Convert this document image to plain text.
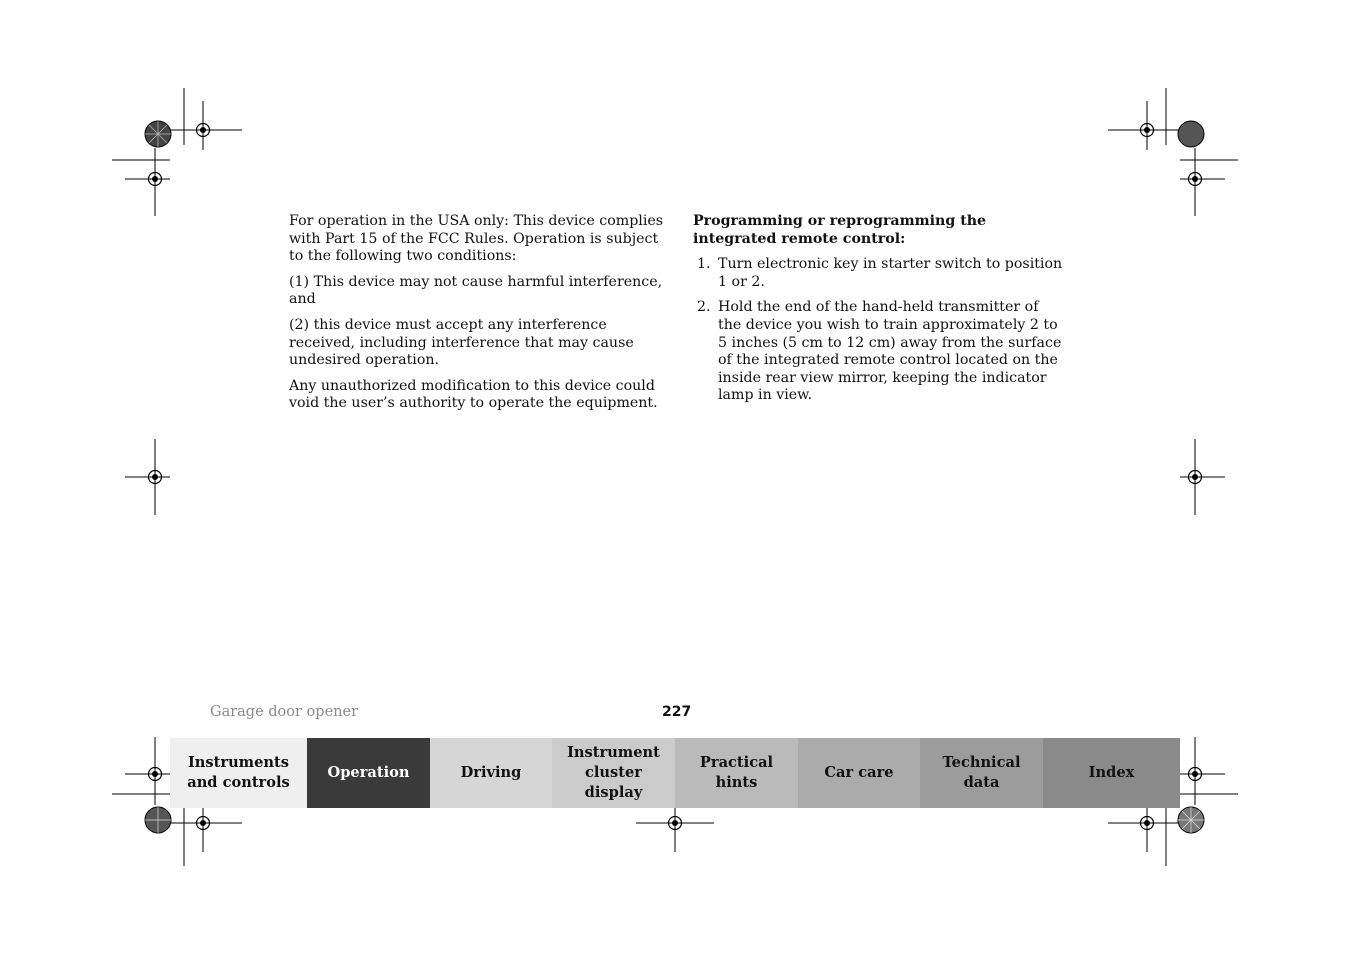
For operation in the USA only: This device complies with Part 15 of the FCC Rules. Operation is subject to the following two conditions:

(1) This device may not cause harmful interference, and

(2) this device must accept any interference received, including interference that may cause undesired operation.

Any unauthorized modification to this device could void the user’s authority to operate the equipment.

Programming or reprogramming the integrated remote control:

1. Turn electronic key in starter switch to position 1 or 2.
2. Hold the end of the hand-held transmitter of the device you wish to train approximately 2 to 5 inches (5 cm to 12 cm) away from the surface of the integrated remote control located on the inside rear view mirror, keeping the indicator lamp in view.
Garage door opener	227
Instruments
and controls
Operation	Driving
Instrument
cluster display
Practical hints
Car care
Technical
data
Index
